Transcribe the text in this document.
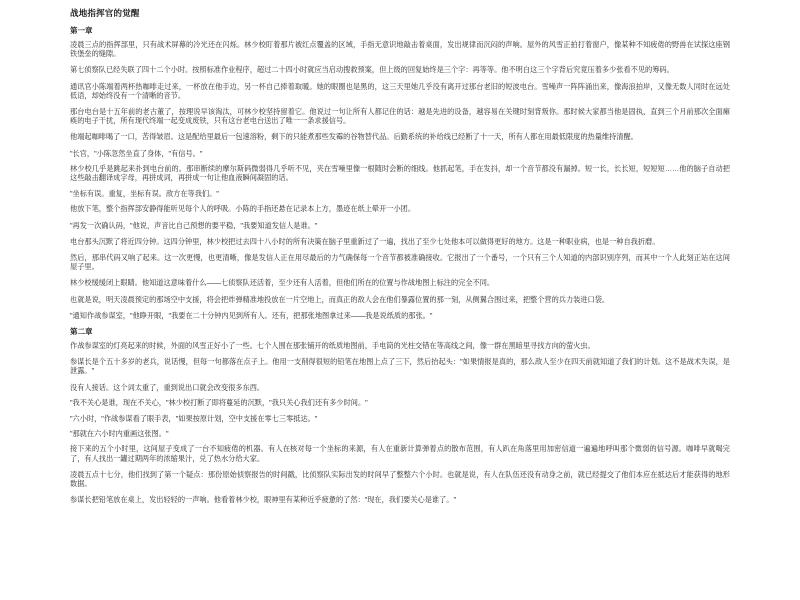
战地指挥官的觉醒
第一章

凌晨三点的指挥部里，只有战术屏幕的冷光还在闪烁。林少校盯着那片被红点覆盖的区域，手指无意识地敲击着桌面，发出规律而沉闷的声响。屋外的风雪正拍打着窗户，像某种不知疲倦的野兽在试探这座钢铁堡垒的缝隙。

第七侦察队已经失联了四十二个小时。按照标准作业程序，超过二十四小时就应当启动搜救预案，但上级的回复始终是三个字：再等等。他不明白这三个字背后究竟压着多少张看不见的筹码。

通讯官小陈端着两杯热咖啡走过来，一杯放在他手边，另一杯自己捧着取暖。她的眼圈也是黑的，这三天里她几乎没有离开过那台老旧的短波电台。雪噪声一阵阵涌出来，像海浪拍岸，又像无数人同时在远处低语，却始终没有一个清晰的音节。

那台电台是十五年前的老古董了，按理说早该淘汰，可林少校坚持留着它。他说过一句让所有人都记住的话：越是先进的设备，越容易在关键时刻背叛你。那时候大家都当他是固执，直到三个月前那次全面瘫痪的电子干扰，所有现代终端一起变成废铁，只有这台老电台送出了唯一一条求援信号。

他端起咖啡喝了一口，苦得皱眉。这是配给里最后一包速溶粉，剩下的只能煮那些发霉的谷物替代品。后勤系统的补给线已经断了十一天，所有人都在用最低限度的热量维持清醒。

"长官，"小陈忽然坐直了身体，"有信号。"

林少校几乎是跳起来扑到电台前的。那串断续的摩尔斯码微弱得几乎听不见，夹在雪噪里像一根随时会断的细线。他抓起笔，手在发抖，却一个音节都没有漏掉。短一长，长长短，短短短……他的脑子自动把这些敲击翻译成字母，再拼成词，再拼成一句让他血液瞬间凝固的话。

"坐标有误。重复，坐标有误。敌方在等我们。"

他放下笔，整个指挥部安静得能听见每个人的呼吸。小陈的手指还悬在记录本上方，墨迹在纸上晕开一小团。

"再发一次确认码，"他说，声音比自己预想的要平稳，"我要知道发信人是谁。"

电台那头沉默了将近四分钟。这四分钟里，林少校把过去四十八小时的所有决策在脑子里重新过了一遍，找出了至少七处他本可以做得更好的地方。这是一种职业病，也是一种自我折磨。

然后，那串代码又响了起来。这一次更慢，也更清晰，像是发信人正在用尽最后的力气确保每一个音节都被准确接收。它报出了一个番号，一个只有三个人知道的内部识别序列，而其中一个人此刻正站在这间屋子里。

林少校缓缓闭上眼睛。他知道这意味着什么——七侦察队还活着，至少还有人活着，但他们所在的位置与作战地图上标注的完全不同。

也就是说，明天凌晨预定的那场空中支援，将会把炸弹精准地投放在一片空地上，而真正的敌人会在他们暴露位置的那一刻，从侧翼合围过来，把整个营的兵力装进口袋。

"通知作战参谋室，"他睁开眼，"我要在二十分钟内见到所有人。还有，把那张地图拿过来——我是说纸质的那张。"

第二章

作战参谋室的灯亮起来的时候，外面的风雪正好小了一些。七个人围在那张铺开的纸质地图前，手电筒的光柱交错在等高线之间，像一群在黑暗里寻找方向的萤火虫。

参谋长是个五十多岁的老兵，说话慢，但每一句都落在点子上。他用一支削得很短的铅笔在地图上点了三下，然后抬起头："如果情报是真的，那么敌人至少在四天前就知道了我们的计划。这不是战术失误，是泄露。"

没有人接话。这个词太重了，重到说出口就会改变很多东西。

"我不关心是谁，现在不关心，"林少校打断了即将蔓延的沉默，"我只关心我们还有多少时间。"

"六小时，"作战参谋看了眼手表，"如果按原计划，空中支援在零七三零抵达。"

"那就在六小时内重画这张图。"

接下来的五个小时里，这间屋子变成了一台不知疲倦的机器。有人在核对每一个坐标的来源，有人在重新计算弹着点的散布范围，有人趴在角落里用加密信道一遍遍地呼叫那个微弱的信号源。咖啡早就喝完了，有人找出一罐过期两年的浓缩果汁，兑了热水分给大家。

凌晨五点十七分，他们找到了第一个疑点：那份原始侦察报告的时间戳，比侦察队实际出发的时间早了整整六个小时。也就是说，有人在队伍还没有动身之前，就已经提交了他们本应在抵达后才能获得的地形数据。

参谋长把铅笔放在桌上，发出轻轻的一声响。他看着林少校，眼神里有某种近乎疲惫的了然："现在，我们要关心是谁了。"
